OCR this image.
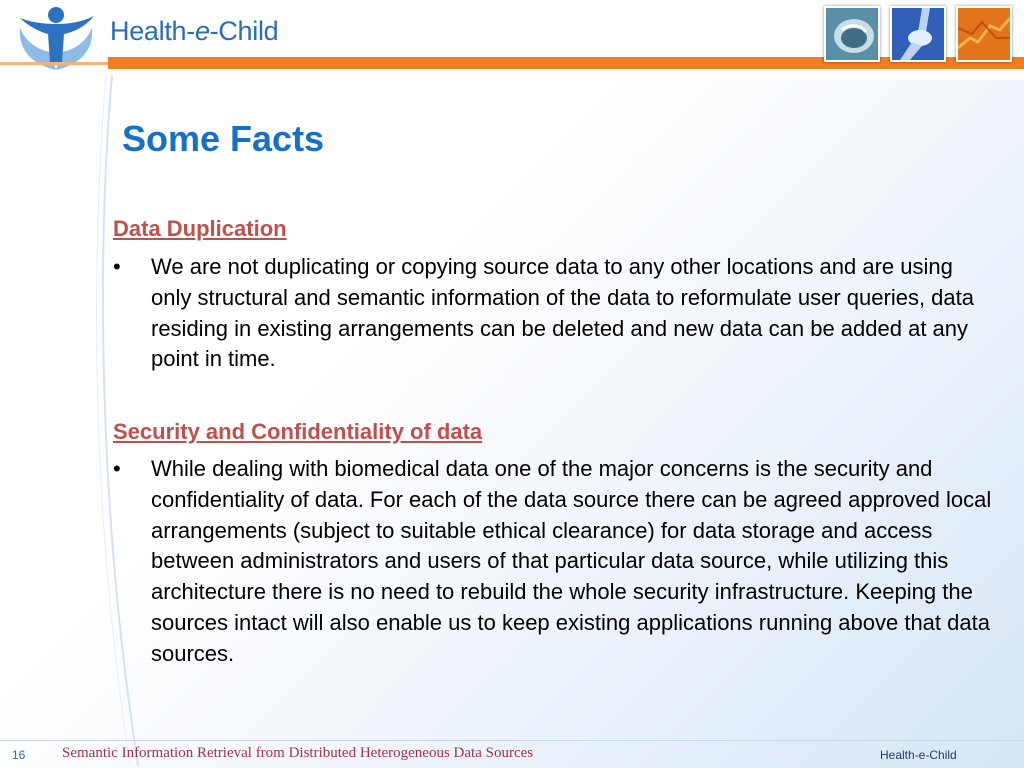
Health-e-Child
Some Facts
Data Duplication
•	We are not duplicating or copying source data to any other locations and are using only structural and semantic information of the data to reformulate user queries, data residing in existing arrangements can be deleted and new data can be added at any point in time.
Security and Confidentiality of data
•	While dealing with biomedical data one of the major concerns is the security and confidentiality of data. For each of the data source there can be agreed approved local arrangements (subject to suitable ethical clearance) for data storage and access between administrators and users of that particular data source, while utilizing this architecture there is no need to rebuild the whole security infrastructure. Keeping the sources intact will also enable us to keep existing applications running above that data sources.
16 Semantic Information Retrieval from Distributed Heterogeneous Data Sources	Health-e-Child
